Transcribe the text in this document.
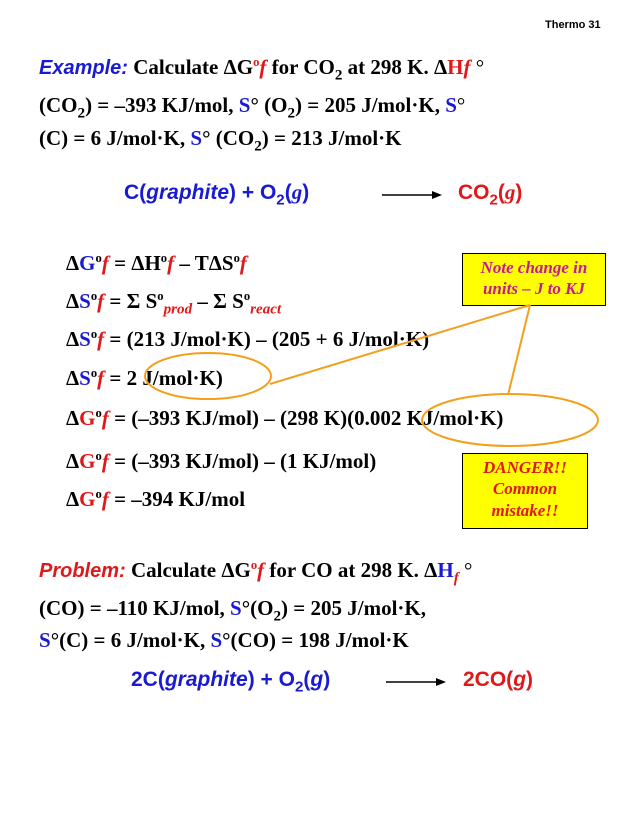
Thermo 31
Example: Calculate $\Delta G^of$ for $CO_2$ at 298 K. ΔHf °
$(CO_2) = -393$ KJ/mol, S° $(O_2) = 205$ J/mol·K, S°
(C) = 6 J/mol·K, S° $(CO_2) = 213$ J/mol·K
C(graphite) + $O_2(g)$	$CO_2(g)$
$\Delta G^of = \Delta H^of - T\Delta S^of$
$\Delta S^of = \Sigma$ $S^o_{prod}$ – Σ $S^o_{react}$
$\Delta S^of = (213$ J/mol·K) – (205 + 6 J/mol·K)
$\Delta S^of = 2$ J/mol·K)
$\Delta G^of = (-393$ KJ/mol) – (298 K)(0.002 KJ/mol·K)
$\Delta G^of = (-393$ KJ/mol) – (1 KJ/mol)
$\Delta G^of = -394$ KJ/mol
Note change in
units – J to KJ
DANGER!!
Common
mistake!!
Problem: Calculate $\Delta G^of$ for CO at 298 K. $\Delta H_f$ °
(CO) = –110 KJ/mol, $S^\circ(O_2) = 205$ J/mol·K,
S°(C) = 6 J/mol·K, S°(CO) = 198 J/mol·K
2C(graphite) + $O_2(g)$	2CO(g)
